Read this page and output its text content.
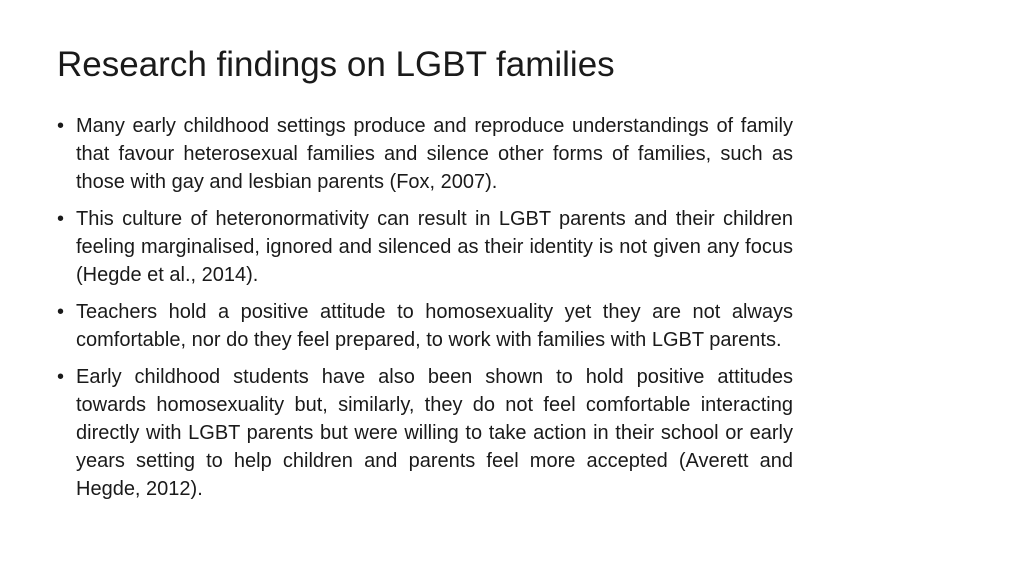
Research findings on LGBT families
• Many early childhood settings produce and reproduce understandings of family that favour heterosexual families and silence other forms of families, such as those with gay and lesbian parents (Fox, 2007).
• This culture of heteronormativity can result in LGBT parents and their children feeling marginalised, ignored and silenced as their identity is not given any focus (Hegde et al., 2014).
• Teachers hold a positive attitude to homosexuality yet they are not always comfortable, nor do they feel prepared, to work with families with LGBT parents.
• Early childhood students have also been shown to hold positive attitudes towards homosexuality but, similarly, they do not feel comfortable interacting directly with LGBT parents but were willing to take action in their school or early years setting to help children and parents feel more accepted (Averett and Hegde, 2012).
